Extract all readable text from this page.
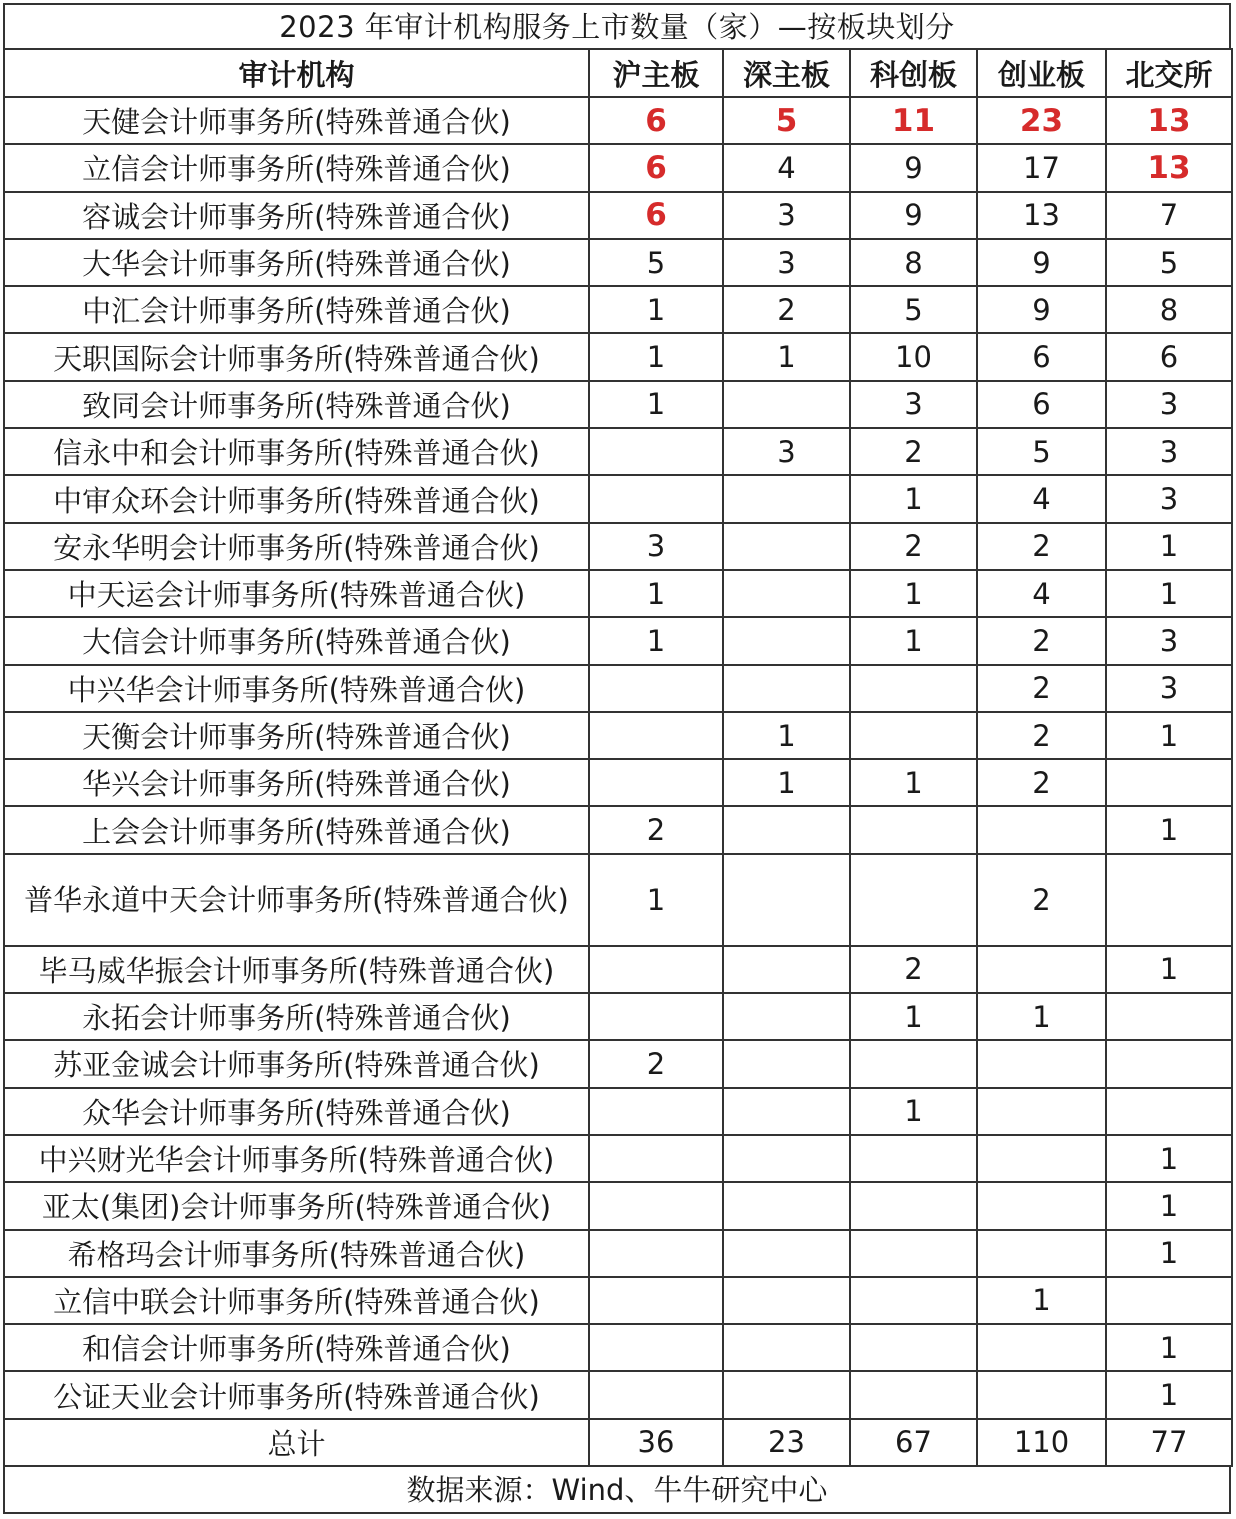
2023 年审计机构服务上市数量（家）—按板块划分
审计机构	沪主板	深主板	科创板	创业板	北交所
天健会计师事务所(特殊普通合伙)	6	5	11	23	13
立信会计师事务所(特殊普通合伙)	6	4	9	17	13
容诚会计师事务所(特殊普通合伙)	6	3	9	13	7
大华会计师事务所(特殊普通合伙)	5	3	8	9	5
中汇会计师事务所(特殊普通合伙)	1	2	5	9	8
天职国际会计师事务所(特殊普通合伙)	1	1	10	6	6
致同会计师事务所(特殊普通合伙)	1		3	6	3
信永中和会计师事务所(特殊普通合伙)		3	2	5	3
中审众环会计师事务所(特殊普通合伙)			1	4	3
安永华明会计师事务所(特殊普通合伙)	3		2	2	1
中天运会计师事务所(特殊普通合伙)	1		1	4	1
大信会计师事务所(特殊普通合伙)	1		1	2	3
中兴华会计师事务所(特殊普通合伙)				2	3
天衡会计师事务所(特殊普通合伙)		1		2	1
华兴会计师事务所(特殊普通合伙)		1	1	2	
上会会计师事务所(特殊普通合伙)	2				1
普华永道中天会计师事务所(特殊普通合伙)	1			2	
毕马威华振会计师事务所(特殊普通合伙)			2		1
永拓会计师事务所(特殊普通合伙)			1	1	
苏亚金诚会计师事务所(特殊普通合伙)	2				
众华会计师事务所(特殊普通合伙)			1		
中兴财光华会计师事务所(特殊普通合伙)					1
亚太(集团)会计师事务所(特殊普通合伙)					1
希格玛会计师事务所(特殊普通合伙)					1
立信中联会计师事务所(特殊普通合伙)				1	
和信会计师事务所(特殊普通合伙)					1
公证天业会计师事务所(特殊普通合伙)					1
总计	36	23	67	110	77
数据来源：Wind、牛牛研究中心
